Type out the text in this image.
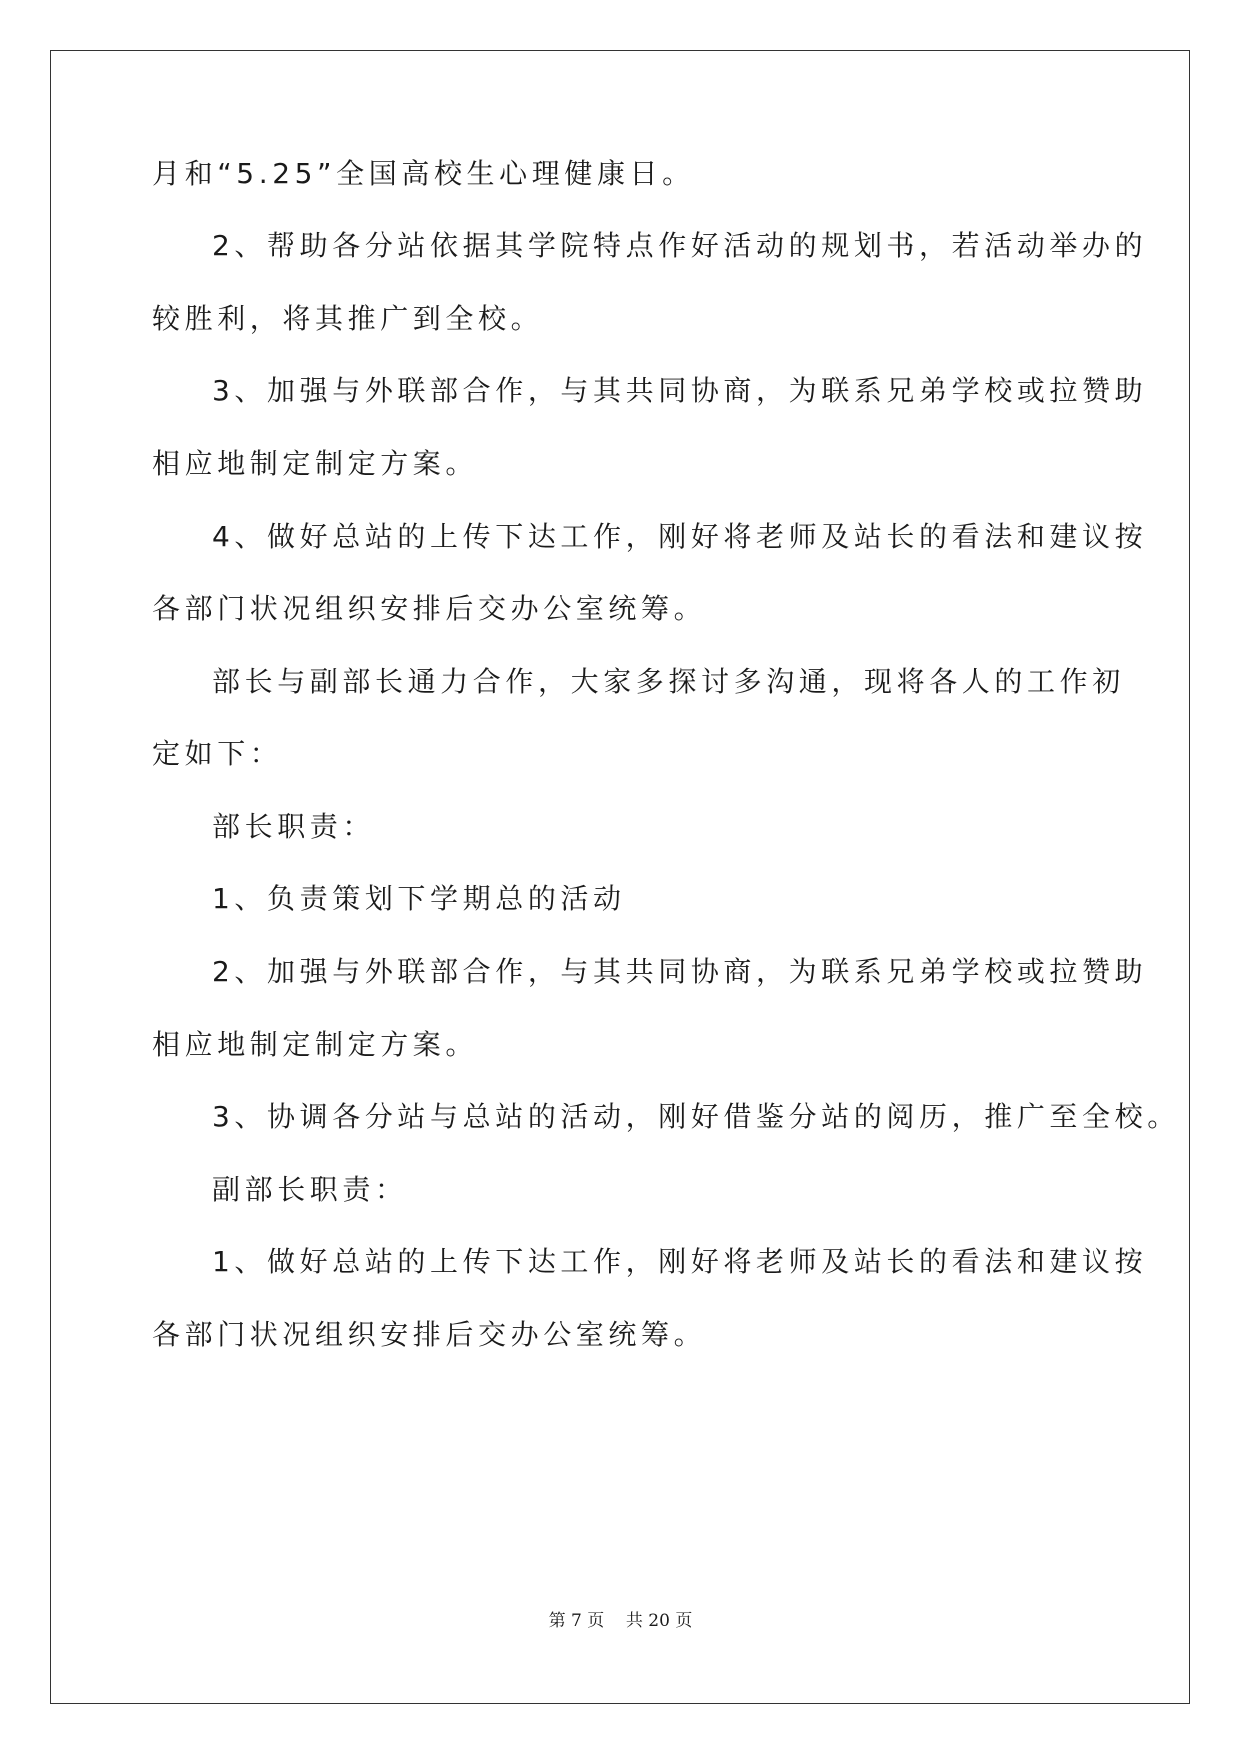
月和“5.25”全国高校生心理健康日。
2、帮助各分站依据其学院特点作好活动的规划书，若活动举办的
较胜利，将其推广到全校。
3、加强与外联部合作，与其共同协商，为联系兄弟学校或拉赞助
相应地制定制定方案。
4、做好总站的上传下达工作，刚好将老师及站长的看法和建议按
各部门状况组织安排后交办公室统筹。
部长与副部长通力合作，大家多探讨多沟通，现将各人的工作初
定如下：
部长职责：
1、负责策划下学期总的活动
2、加强与外联部合作，与其共同协商，为联系兄弟学校或拉赞助
相应地制定制定方案。
3、协调各分站与总站的活动，刚好借鉴分站的阅历，推广至全校。
副部长职责：
1、做好总站的上传下达工作，刚好将老师及站长的看法和建议按
各部门状况组织安排后交办公室统筹。
第 7 页    共 20 页
